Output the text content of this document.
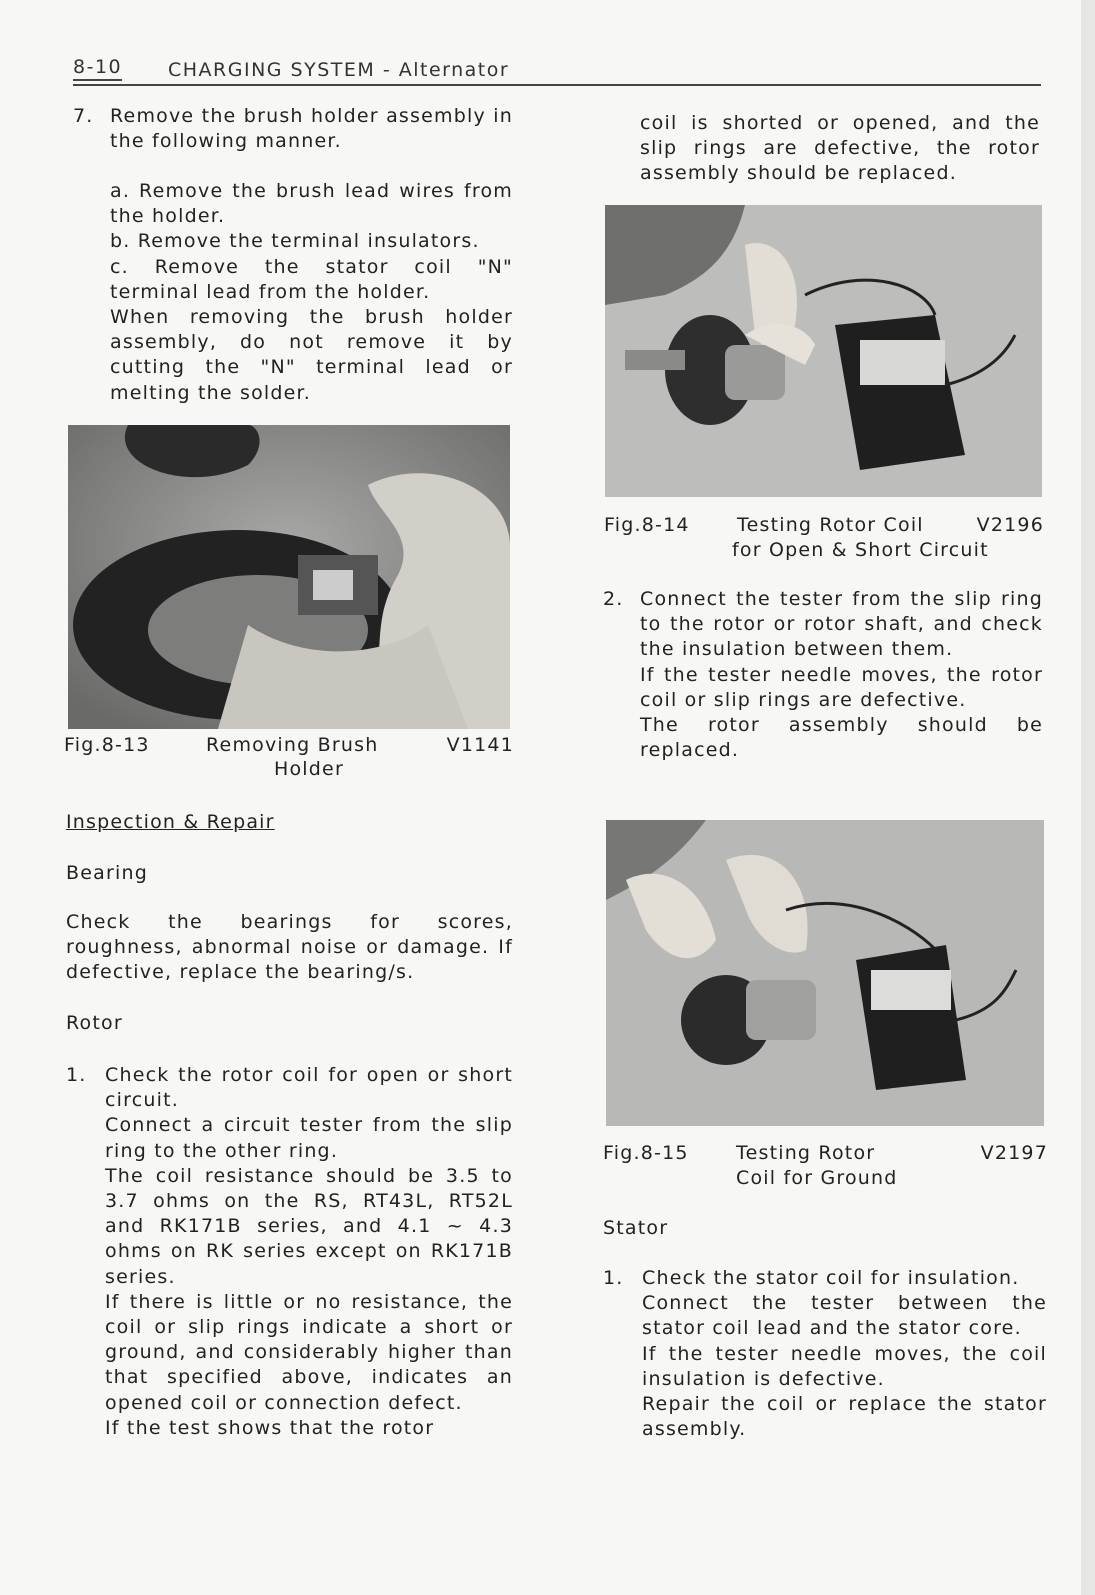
8-10 CHARGING SYSTEM - Alternator

7. Remove the brush holder assembly in the following manner.

a. Remove the brush lead wires from the holder.

b. Remove the terminal insulators.

c. Remove the stator coil "N" terminal lead from the holder.

When removing the brush holder assembly, do not remove it by cutting the "N" terminal lead or melting the solder.

Fig.8-13	Removing Brush
Holder
V1141
Inspection & Repair
Bearing
Check the bearings for scores, roughness, abnormal noise or damage. If defective, replace the bearing/s.
Rotor
1. Check the rotor coil for open or short circuit.

Connect a circuit tester from the slip ring to the other ring.

The coil resistance should be 3.5 to 3.7 ohms on the RS, RT43L, RT52L and RK171B series, and 4.1 ~ 4.3 ohms on RK series except on RK171B series.

If there is little or no resistance, the coil or slip rings indicate a short or ground, and considerably higher than that specified above, indicates an opened coil or connection defect.

If the test shows that the rotor

coil is shorted or opened, and the slip rings are defective, the rotor assembly should be replaced.
Fig.8-14 Testing Rotor Coil
for Open & Short Circuit
V2196
2. Connect the tester from the slip ring to the rotor or rotor shaft, and check the insulation between them.

If the tester needle moves, the rotor coil or slip rings are defective.

The rotor assembly should be replaced.

Fig.8-15 Testing Rotor
Coil for Ground
V2197
Stator
1. Check the stator coil for insulation.

Connect the tester between the stator coil lead and the stator core.

If the tester needle moves, the coil insulation is defective.

Repair the coil or replace the stator assembly.
